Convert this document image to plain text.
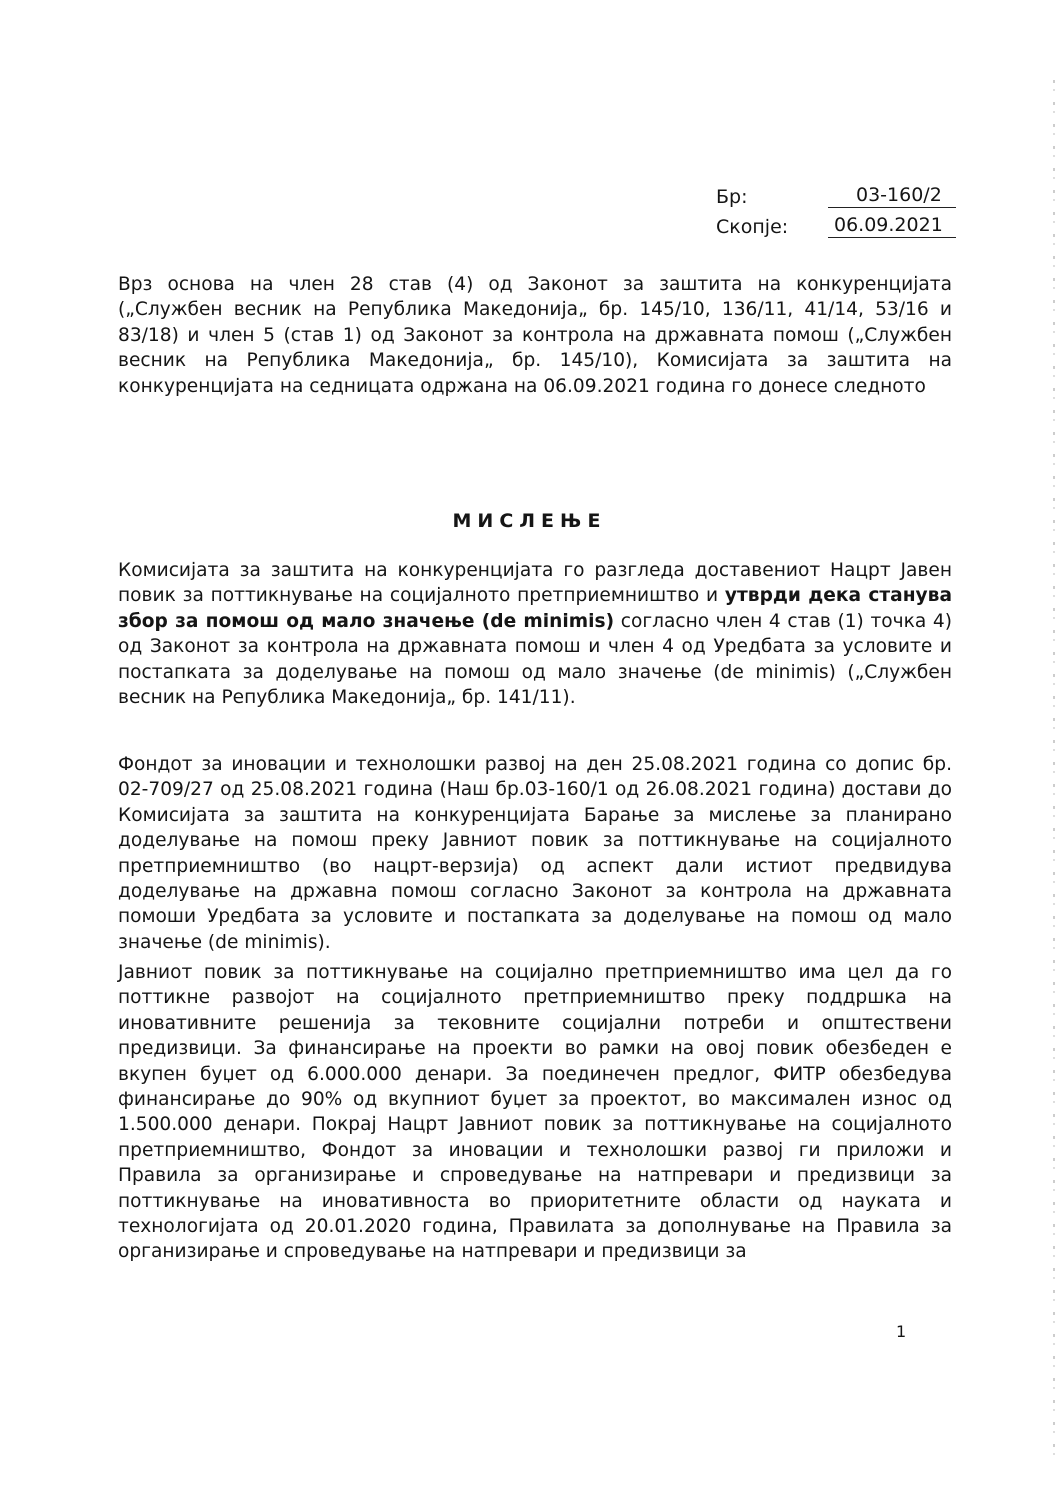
Бр:	03-160/2
Скопје:	06.09.2021

Врз основа на член 28 став (4) од Законот за заштита на конкуренцијата („Службен весник на Република Македонија„ бр. 145/10, 136/11, 41/14, 53/16 и 83/18) и член 5 (став 1) од Законот за контрола на државната помош („Службен весник на Република Македонија„ бр. 145/10), Комисијата за заштита на конкуренцијата на седницата одржана на 06.09.2021 година го донесе следното

МИСЛЕЊЕ

Комисијата за заштита на конкуренцијата го разгледа доставениот Нацрт Јавен повик за поттикнување на социјалното претприемништво и утврди дека станува збор за помош од мало значење (de minimis) согласно член 4 став (1) точка 4) од Законот за контрола на државната помош и член 4 од Уредбата за условите и постапката за доделување на помош од мало значење (de minimis) („Службен весник на Република Македонија„ бр. 141/11).

Фондот за иновации и технолошки развој на ден 25.08.2021 година со допис бр. 02-709/27 од 25.08.2021 година (Наш бр.03-160/1 од 26.08.2021 година) достави до Комисијата за заштита на конкуренцијата Барање за мислење за планирано доделување на помош преку Јавниот повик за поттикнување на социјалното претприемништво (во нацрт-верзија) од аспект дали истиот предвидува доделување на државна помош согласно Законот за контрола на државната помоши Уредбата за условите и постапката за доделување на помош од мало значење (de minimis).

Јавниот повик за поттикнување на социјално претприемништво има цел да го поттикне развојот на социјалното претприемништво преку поддршка на иновативните решенија за тековните социјални потреби и општествени предизвици. За финансирање на проекти во рамки на овој повик обезбеден е вкупен буџет од 6.000.000 денари. За поединечен предлог, ФИТР обезбедува финансирање до 90% од вкупниот буџет за проектот, во максимален износ од 1.500.000 денари. Покрај Нацрт Јавниот повик за поттикнување на социјалното претприемништво, Фондот за иновации и технолошки развој ги приложи и Правила за организирање и спроведување на натпревари и предизвици за поттикнување на иновативноста во приоритетните области од науката и технологијата од 20.01.2020 година, Правилата за дополнување на Правила за организирање и спроведување на натпревари и предизвици за

1
